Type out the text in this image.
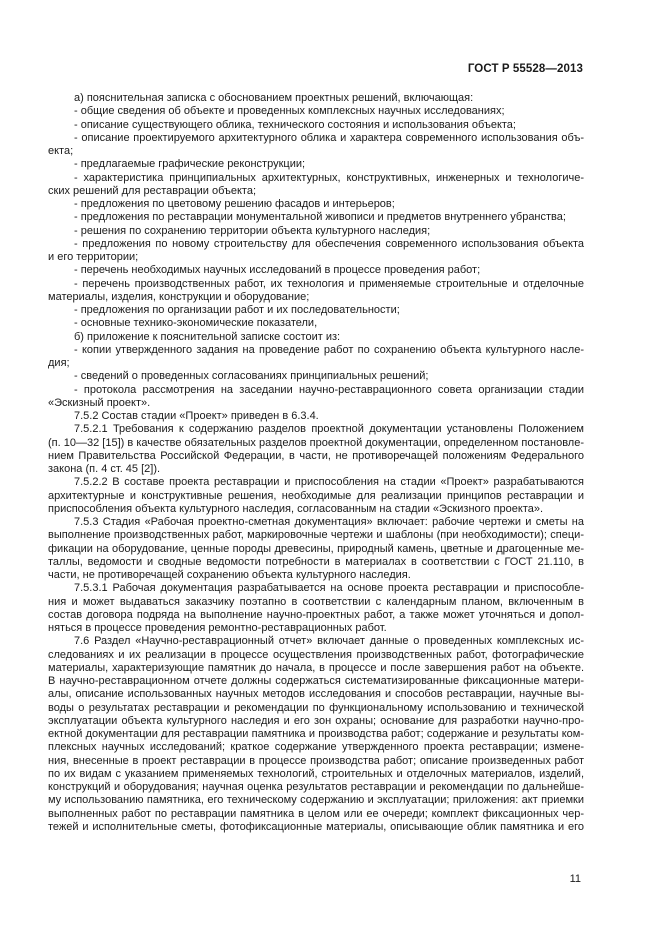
ГОСТ Р 55528—2013
а) пояснительная записка с обоснованием проектных решений, включающая:
- общие сведения об объекте и проведенных комплексных научных исследованиях;
- описание существующего облика, технического состояния и использования объекта;
- описание проектируемого архитектурного облика и характера современного использования объ-
екта;
- предлагаемые графические реконструкции;
- характеристика принципиальных архитектурных, конструктивных, инженерных и технологиче-
ских решений для реставрации объекта;
- предложения по цветовому решению фасадов и интерьеров;
- предложения по реставрации монументальной живописи и предметов внутреннего убранства;
- решения по сохранению территории объекта культурного наследия;
- предложения по новому строительству для обеспечения современного использования объекта
и его территории;
- перечень необходимых научных исследований в процессе проведения работ;
- перечень производственных работ, их технология и применяемые строительные и отделочные
материалы, изделия, конструкции и оборудование;
- предложения по организации работ и их последовательности;
- основные технико-экономические показатели,
б) приложение к пояснительной записке состоит из:
- копии утвержденного задания на проведение работ по сохранению объекта культурного насле-
дия;
- сведений о проведенных согласованиях принципиальных решений;
- протокола рассмотрения на заседании научно-реставрационного совета организации стадии
«Эскизный проект».
7.5.2 Состав стадии «Проект» приведен в 6.3.4.
7.5.2.1 Требования к содержанию разделов проектной документации установлены Положением
(п. 10—32 [15]) в качестве обязательных разделов проектной документации, определенном постановле-
нием Правительства Российской Федерации, в части, не противоречащей положениям Федерального
закона (п. 4 ст. 45 [2]).
7.5.2.2 В составе проекта реставрации и приспособления на стадии «Проект» разрабатываются
архитектурные и конструктивные решения, необходимые для реализации принципов реставрации и
приспособления объекта культурного наследия, согласованным на стадии «Эскизного проекта».
7.5.3 Стадия «Рабочая проектно-сметная документация» включает: рабочие чертежи и сметы на
выполнение производственных работ, маркировочные чертежи и шаблоны (при необходимости); специ-
фикации на оборудование, ценные породы древесины, природный камень, цветные и драгоценные ме-
таллы, ведомости и сводные ведомости потребности в материалах в соответствии с ГОСТ 21.110, в
части, не противоречащей сохранению объекта культурного наследия.
7.5.3.1 Рабочая документация разрабатывается на основе проекта реставрации и приспособле-
ния и может выдаваться заказчику поэтапно в соответствии с календарным планом, включенным в
состав договора подряда на выполнение научно-проектных работ, а также может уточняться и допол-
няться в процессе проведения ремонтно-реставрационных работ.
7.6 Раздел «Научно-реставрационный отчет» включает данные о проведенных комплексных ис-
следованиях и их реализации в процессе осуществления производственных работ, фотографические
материалы, характеризующие памятник до начала, в процессе и после завершения работ на объекте.
В научно-реставрационном отчете должны содержаться систематизированные фиксационные матери-
алы, описание использованных научных методов исследования и способов реставрации, научные вы-
воды о результатах реставрации и рекомендации по функциональному использованию и технической
эксплуатации объекта культурного наследия и его зон охраны; основание для разработки научно-про-
ектной документации для реставрации памятника и производства работ; содержание и результаты ком-
плексных научных исследований; краткое содержание утвержденного проекта реставрации; измене-
ния, внесенные в проект реставрации в процессе производства работ; описание произведенных работ
по их видам с указанием применяемых технологий, строительных и отделочных материалов, изделий,
конструкций и оборудования; научная оценка результатов реставрации и рекомендации по дальнейше-
му использованию памятника, его техническому содержанию и эксплуатации; приложения: акт приемки
выполненных работ по реставрации памятника в целом или ее очереди; комплект фиксационных чер-
тежей и исполнительные сметы, фотофиксационные материалы, описывающие облик памятника и его
11
